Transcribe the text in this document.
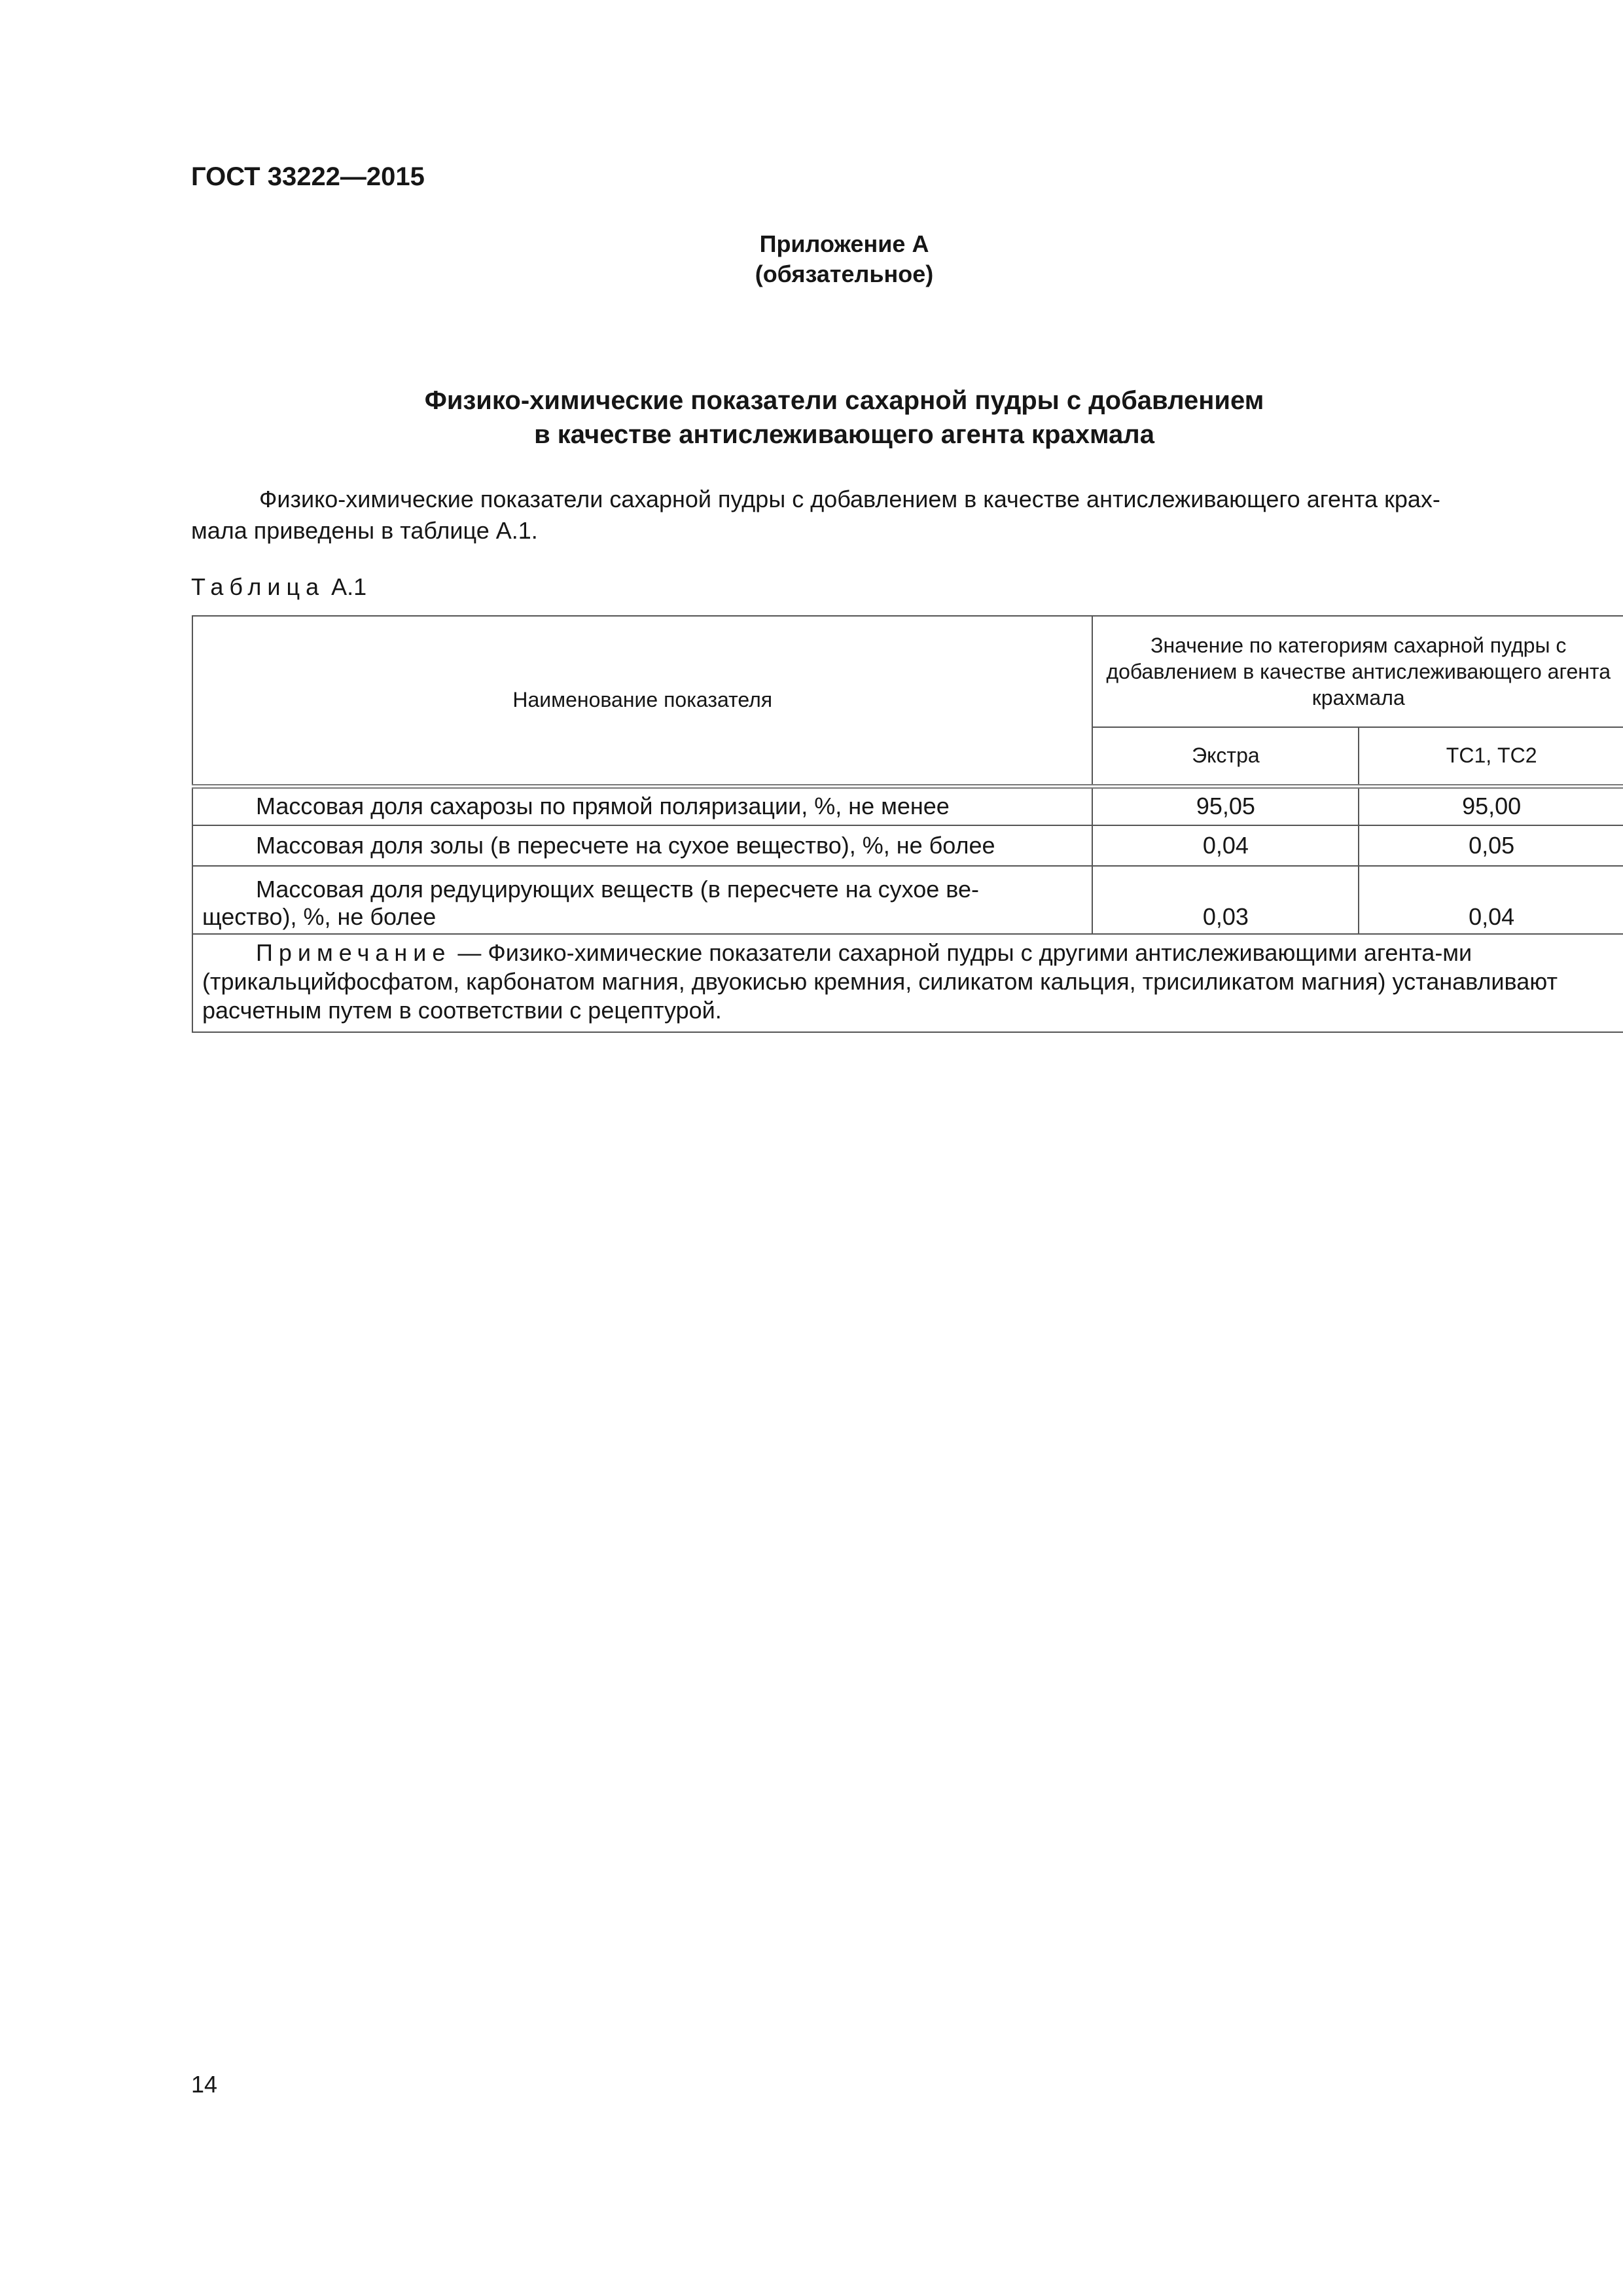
ГОСТ 33222—2015
Приложение А
(обязательное)
Физико-химические показатели сахарной пудры с добавлением
в качестве антислеживающего агента крахмала
Физико-химические показатели сахарной пудры с добавлением в качестве антислеживающего агента крах-
мала приведены в таблице А.1.
Таблица А.1
Наименование показателя	Значение по категориям сахарной пудры с добавлением в качестве антислеживающего агента крахмала	
	Экстра	ТС1, ТС2
Массовая доля сахарозы по прямой поляризации, %, не менее	95,05	95,00
Массовая доля золы (в пересчете на сухое вещество), %, не более	0,04	0,05

Массовая доля редуцирующих веществ (в пересчете на сухое ве-
щество), %, не более	0,03	0,04
Примечание — Физико-химические показатели сахарной пудры с другими антислеживающими агента-ми (трикальцийфосфатом, карбонатом магния, двуокисью кремния, силикатом кальция, трисиликатом магния) устанавливают расчетным путем в соответствии с рецептурой.		
14
